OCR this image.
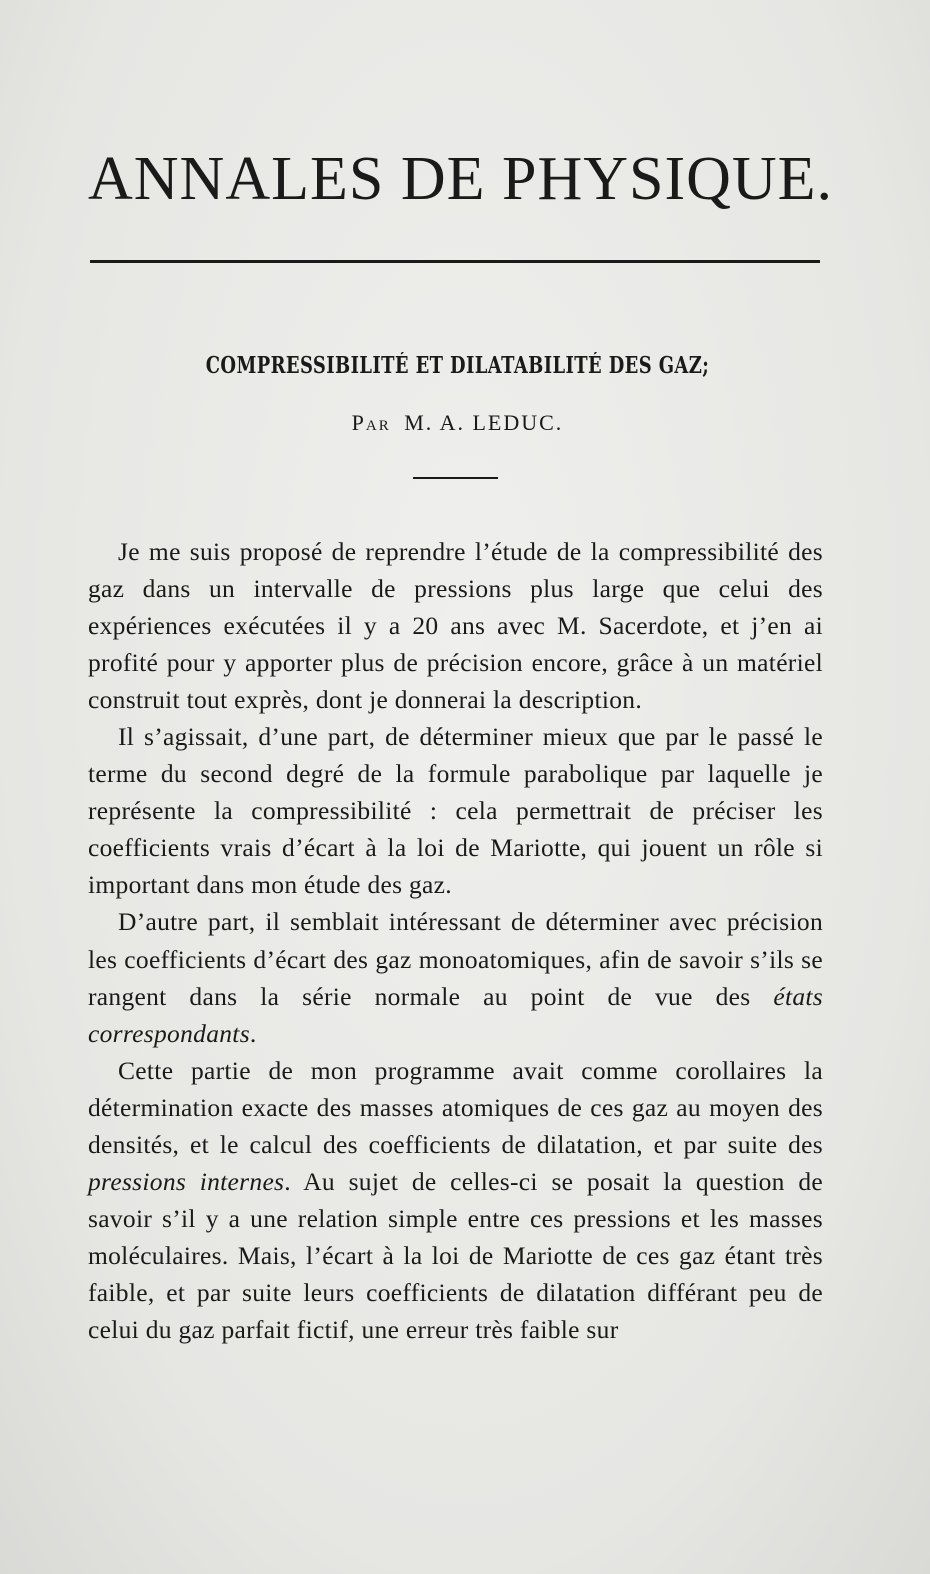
ANNALES DE PHYSIQUE.
COMPRESSIBILITÉ ET DILATABILITÉ DES GAZ;
Par M. A. LEDUC.

Je me suis proposé de reprendre l’étude de la compressibilité des gaz dans un intervalle de pressions plus large que celui des expériences exécutées il y a 20 ans avec M. Sacerdote, et j’en ai profité pour y apporter plus de précision encore, grâce à un matériel construit tout exprès, dont je donnerai la description.

Il s’agissait, d’une part, de déterminer mieux que par le passé le terme du second degré de la formule parabolique par laquelle je représente la compressibilité : cela permettrait de préciser les coefficients vrais d’écart à la loi de Mariotte, qui jouent un rôle si important dans mon étude des gaz.

D’autre part, il semblait intéressant de déterminer avec précision les coefficients d’écart des gaz monoatomiques, afin de savoir s’ils se rangent dans la série normale au point de vue des états correspondants.

Cette partie de mon programme avait comme corollaires la détermination exacte des masses atomiques de ces gaz au moyen des densités, et le calcul des coefficients de dilatation, et par suite des pressions internes. Au sujet de celles-ci se posait la question de savoir s’il y a une relation simple entre ces pressions et les masses moléculaires. Mais, l’écart à la loi de Mariotte de ces gaz étant très faible, et par suite leurs coefficients de dilatation différant peu de celui du gaz parfait fictif, une erreur très faible sur
